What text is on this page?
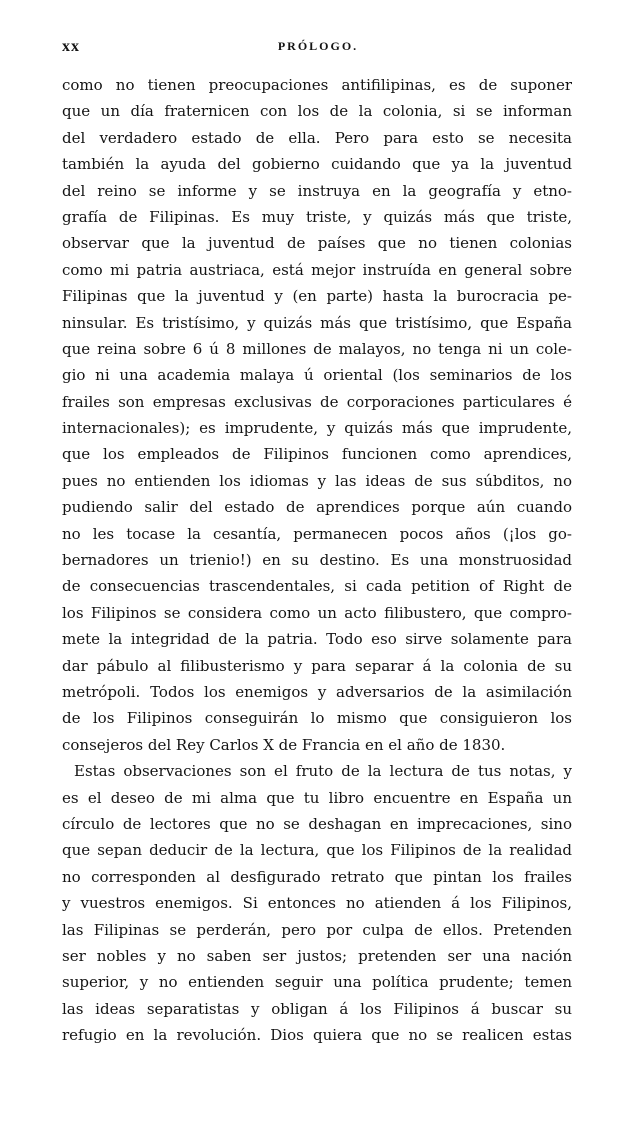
xx	PRÓLOGO.
como no tienen preocupaciones antifilipinas, es de suponer
que un día fraternicen con los de la colonia, si se informan
del verdadero estado de ella. Pero para esto se necesita
también la ayuda del gobierno cuidando que ya la juventud
del reino se informe y se instruya en la geografía y etno-
grafía de Filipinas. Es muy triste, y quizás más que triste,
observar que la juventud de países que no tienen colonias
como mi patria austriaca, está mejor instruída en general sobre
Filipinas que la juventud y (en parte) hasta la burocracia pe-
ninsular. Es tristísimo, y quizás más que tristísimo, que España
que reina sobre 6 ú 8 millones de malayos, no tenga ni un cole-
gio ni una academia malaya ú oriental (los seminarios de los
frailes son empresas exclusivas de corporaciones particulares é
internacionales); es imprudente, y quizás más que imprudente,
que los empleados de Filipinos funcionen como aprendices,
pues no entienden los idiomas y las ideas de sus súbditos, no
pudiendo salir del estado de aprendices porque aún cuando
no les tocase la cesantía, permanecen pocos años (¡los go-
bernadores un trienio!) en su destino. Es una monstruosidad
de consecuencias trascendentales, si cada petition of Right de
los Filipinos se considera como un acto filibustero, que compro-
mete la integridad de la patria. Todo eso sirve solamente para
dar pábulo al filibusterismo y para separar á la colonia de su
metrópoli. Todos los enemigos y adversarios de la asimilación
de los Filipinos conseguirán lo mismo que consiguieron los
consejeros del Rey Carlos X de Francia en el año de 1830.
Estas observaciones son el fruto de la lectura de tus notas, y
es el deseo de mi alma que tu libro encuentre en España un
círculo de lectores que no se deshagan en imprecaciones, sino
que sepan deducir de la lectura, que los Filipinos de la realidad
no corresponden al desfigurado retrato que pintan los frailes
y vuestros enemigos. Si entonces no atienden á los Filipinos,
las Filipinas se perderán, pero por culpa de ellos. Pretenden
ser nobles y no saben ser justos; pretenden ser una nación
superior, y no entienden seguir una política prudente; temen
las ideas separatistas y obligan á los Filipinos á buscar su
refugio en la revolución. Dios quiera que no se realicen estas
